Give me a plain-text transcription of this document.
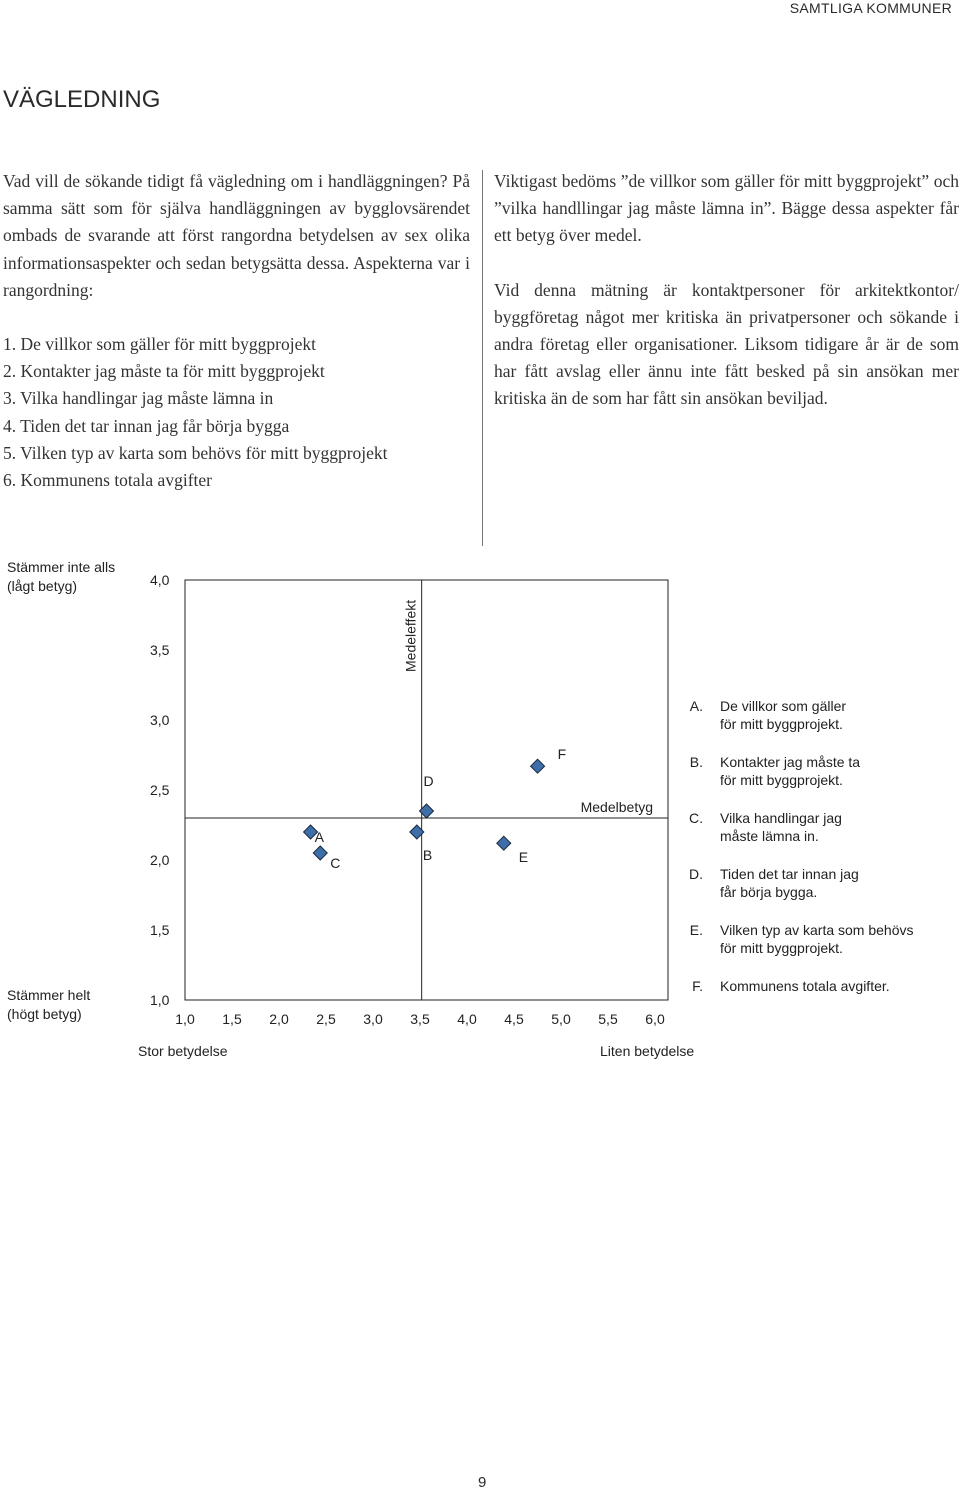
SAMTLIGA KOMMUNER
VÄGLEDNING

Vad vill de sökande tidigt få vägledning om i handläggningen? På samma sätt som för själva handläggningen av bygglovsärendet ombads de svarande att först rangordna betydelsen av sex olika informationsaspekter och sedan betygsätta dessa. Aspekterna var i rangordning:

1. De villkor som gäller för mitt byggprojekt
2. Kontakter jag måste ta för mitt byggprojekt
3. Vilka handlingar jag måste lämna in
4. Tiden det tar innan jag får börja bygga
5. Vilken typ av karta som behövs för mitt byggprojekt
6. Kommunens totala avgifter

Viktigast bedöms ”de villkor som gäller för mitt byggprojekt” och ”vilka handllingar jag måste lämna in”. Bägge dessa aspekter får ett betyg över medel.

Vid denna mätning är kontaktpersoner för arkitektkontor/ byggföretag något mer kritiska än privatpersoner och sökande i andra företag eller organisationer. Liksom tidigare år är de som har fått avslag eller ännu inte fått besked på sin ansökan mer kritiska än de som har fått sin ansökan beviljad.

Medeleffekt
Medelbetyg
4,0
3,5
3,0
2,5
2,0
1,5
1,0
1,0 1,5 2,0 2,5 3,0 3,5 4,0 4,5 5,0 5,5 6,0
Stämmer inte alls
(lågt betyg)
Stämmer helt
(högt betyg)
Stor betydelse	Liten betydelse
A
B
C
D
E
F
A. De villkor som gäller
för mitt byggprojekt.
B. Kontakter jag måste ta
för mitt byggprojekt.
C. Vilka handlingar jag
måste lämna in.
D. Tiden det tar innan jag
får börja bygga.
E. Vilken typ av karta som behövs
för mitt byggprojekt.
F. Kommunens totala avgifter.
9
